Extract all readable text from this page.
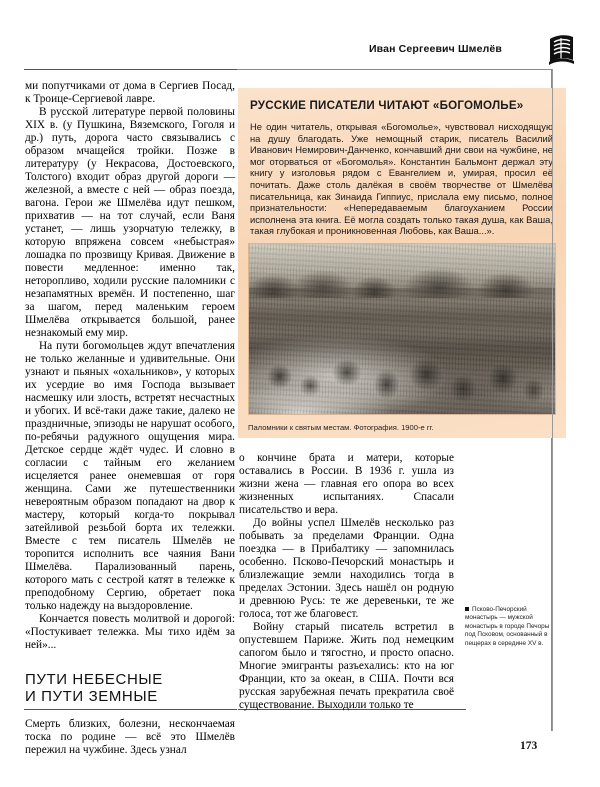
Иван Сергеевич Шмелёв

ми попутчиками от дома в Сергиев Посад, к Троице-Сергиевой лавре.

В русской литературе первой половины XIX в. (у Пушкина, Вяземского, Гоголя и др.) путь, дорога часто связывались с образом мчащейся тройки. Позже в литературу (у Некрасова, Достоевского, Толстого) входит образ другой дороги — железной, а вместе с ней — образ поезда, вагона. Герои же Шмелёва идут пешком, прихватив — на тот случай, если Ваня устанет, — лишь узорчатую тележку, в которую впряжена совсем «небыстрая» лошадка по прозвищу Кривая. Движение в повести медленное: именно так, неторопливо, ходили русские паломники с незапамятных времён. И постепенно, шаг за шагом, перед маленьким героем Шмелёва открывается большой, ранее незнакомый ему мир.

На пути богомольцев ждут впечатления не только желанные и удивительные. Они узнают и пьяных «охальников», у которых их усердие во имя Господа вызывает насмешку или злость, встретят несчастных и убогих. И всё-таки даже такие, далеко не праздничные, эпизоды не нарушат особого, по-ребячьи радужного ощущения мира. Детское сердце ждёт чудес. И словно в согласии с тайным его желанием исцеляется ранее онемевшая от горя женщина. Сами же путешественники невероятным образом попадают на двор к мастеру, который когда-то покрывал затейливой резьбой борта их тележки. Вместе с тем писатель Шмелёв не торопится исполнить все чаяния Вани Шмелёва. Парализованный парень, которого мать с сестрой катят в тележке к преподобному Сергию, обретает пока только надежду на выздоровление.

Кончается повесть молитвой и дорогой: «Постукивает тележка. Мы тихо идём за ней»...

ПУТИ НЕБЕСНЫЕ
И ПУТИ ЗЕМНЫЕ

Смерть близких, болезни, нескончаемая тоска по родине — всё это Шмелёв пережил на чужбине. Здесь узнал

РУССКИЕ ПИСАТЕЛИ ЧИТАЮТ «БОГОМОЛЬЕ»
Не один читатель, открывая «Богомолье», чувствовал нисходящую на душу благодать. Уже немощный старик, писатель Василий Иванович Немирович-Данченко, кончавший дни свои на чужбине, не мог оторваться от «Богомолья». Константин Бальмонт держал эту книгу у изголовья рядом с Евангелием и, умирая, просил её почитать. Даже столь далёкая в своём творчестве от Шмелёва писательница, как Зинаида Гиппиус, прислала ему письмо, полное признательности: «Непередаваемым благоуханием России исполнена эта книга. Её могла создать только такая душа, как Ваша, такая глубокая и проникновенная Любовь, как Ваша...».
Паломники к святым местам. Фотография. 1900-е гг.

о кончине брата и матери, которые оставались в России. В 1936 г. ушла из жизни жена — главная его опора во всех жизненных испытаниях. Спасали писательство и вера.

До войны успел Шмелёв несколько раз побывать за пределами Франции. Одна поездка — в Прибалтику — запомнилась особенно. Псково-Печорский монастырь и близлежащие земли находились тогда в пределах Эстонии. Здесь нашёл он родную и древнюю Русь: те же деревеньки, те же голоса, тот же благовест.

Войну старый писатель встретил в опустевшем Париже. Жить под немецким сапогом было и тягостно, и просто опасно. Многие эмигранты разъехались: кто на юг Франции, кто за океан, в США. Почти вся русская зарубежная печать прекратила своё существование. Выходили только те

Псково-Печорский монастырь — мужской монастырь в городе Печоры под Псковом, основанный в пещерах в середине XV в.
173
